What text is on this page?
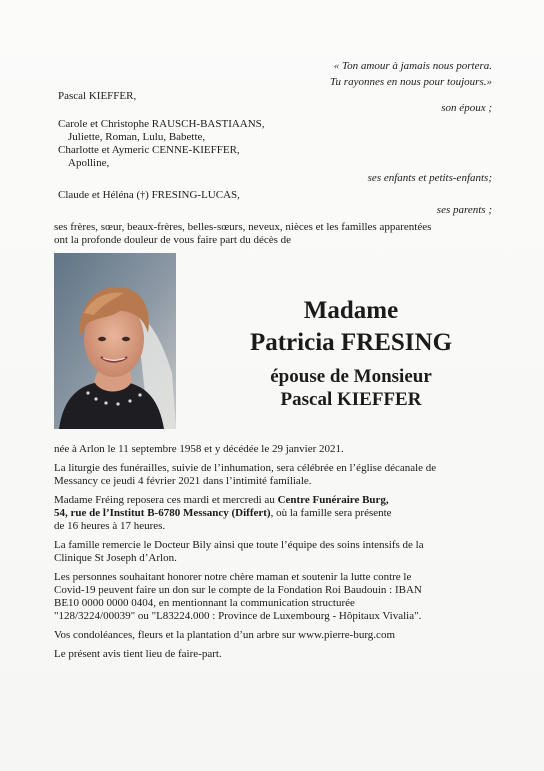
« Ton amour à jamais nous portera.
Tu rayonnes en nous pour toujours.»
Pascal KIEFFER,
son époux ;
Carole et Christophe RAUSCH-BASTIAANS,
Juliette, Roman, Lulu, Babette,
Charlotte et Aymeric CENNE-KIEFFER,
Apolline,
ses enfants et petits-enfants;
Claude et Héléna (†) FRESING-LUCAS,
ses parents ;
ses frères, sœur, beaux-frères, belles-sœurs, neveux, nièces et les familles apparentées
ont la profonde douleur de vous faire part du décès de
Madame
Patricia FRESING
épouse de Monsieur
Pascal KIEFFER

née à Arlon le 11 septembre 1958 et y décédée le 29 janvier 2021.

La liturgie des funérailles, suivie de l’inhumation, sera célébrée en l’église décanale de
Messancy ce jeudi 4 février 2021 dans l’intimité familiale.

Madame Fréing reposera ces mardi et mercredi au Centre Funéraire Burg,
54, rue de l’Institut B-6780 Messancy (Differt), où la famille sera présente
de 16 heures à 17 heures.

La famille remercie le Docteur Bily ainsi que toute l’équipe des soins intensifs de la
Clinique St Joseph d’Arlon.

Les personnes souhaitant honorer notre chère maman et soutenir la lutte contre le
Covid-19 peuvent faire un don sur le compte de la Fondation Roi Baudouin : IBAN
BE10 0000 0000 0404, en mentionnant la communication structurée
"128/3224/00039" ou "L83224.000 : Province de Luxembourg - Hôpitaux Vivalia".

Vos condoléances, fleurs et la plantation d’un arbre sur www.pierre-burg.com

Le présent avis tient lieu de faire-part.
